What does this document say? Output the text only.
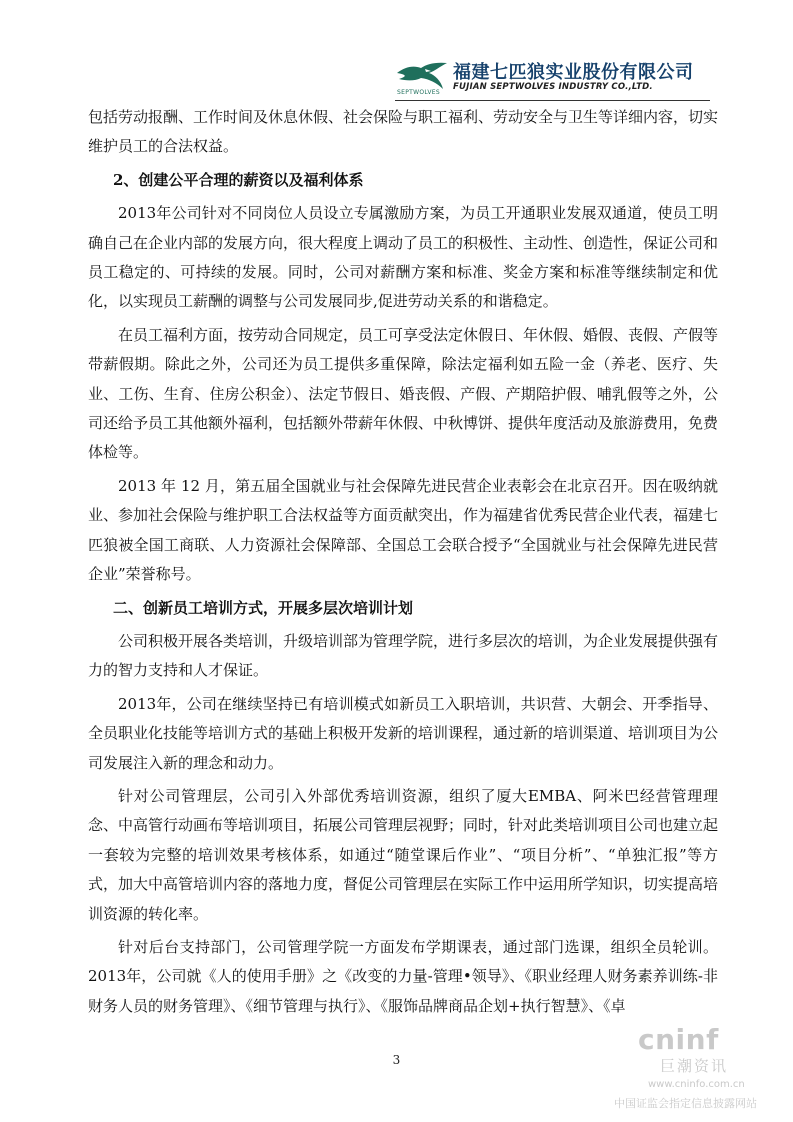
SEPTWOLVES
福建七匹狼实业股份有限公司
FUJIAN SEPTWOLVES INDUSTRY CO.,LTD.

包括劳动报酬、工作时间及休息休假、社会保险与职工福利、劳动安全与卫生等详细内容，切实维护员工的合法权益。

2、创建公平合理的薪资以及福利体系

2013年公司针对不同岗位人员设立专属激励方案，为员工开通职业发展双通道，使员工明确自己在企业内部的发展方向，很大程度上调动了员工的积极性、主动性、创造性，保证公司和员工稳定的、可持续的发展。同时，公司对薪酬方案和标准、奖金方案和标准等继续制定和优化，以实现员工薪酬的调整与公司发展同步,促进劳动关系的和谐稳定。

在员工福利方面，按劳动合同规定，员工可享受法定休假日、年休假、婚假、丧假、产假等带薪假期。除此之外，公司还为员工提供多重保障，除法定福利如五险一金（养老、医疗、失业、工伤、生育、住房公积金）、法定节假日、婚丧假、产假、产期陪护假、哺乳假等之外，公司还给予员工其他额外福利，包括额外带薪年休假、中秋博饼、提供年度活动及旅游费用，免费体检等。

2013 年 12 月，第五届全国就业与社会保障先进民营企业表彰会在北京召开。因在吸纳就业、参加社会保险与维护职工合法权益等方面贡献突出，作为福建省优秀民营企业代表，福建七匹狼被全国工商联、人力资源社会保障部、全国总工会联合授予“全国就业与社会保障先进民营企业”荣誉称号。

二、创新员工培训方式，开展多层次培训计划

公司积极开展各类培训，升级培训部为管理学院，进行多层次的培训，为企业发展提供强有力的智力支持和人才保证。

2013年，公司在继续坚持已有培训模式如新员工入职培训，共识营、大朝会、开季指导、全员职业化技能等培训方式的基础上积极开发新的培训课程，通过新的培训渠道、培训项目为公司发展注入新的理念和动力。

针对公司管理层，公司引入外部优秀培训资源，组织了厦大EMBA、阿米巴经营管理理念、中高管行动画布等培训项目，拓展公司管理层视野；同时，针对此类培训项目公司也建立起一套较为完整的培训效果考核体系，如通过“随堂课后作业”、“项目分析”、“单独汇报”等方式，加大中高管培训内容的落地力度，督促公司管理层在实际工作中运用所学知识，切实提高培训资源的转化率。

针对后台支持部门，公司管理学院一方面发布学期课表，通过部门选课，组织全员轮训。2013年，公司就《人的使用手册》之《改变的力量-管理•领导》、《职业经理人财务素养训练-非财务人员的财务管理》、《细节管理与执行》、《服饰品牌商品企划+执行智慧》、《卓

3
cninf
巨潮资讯
www.cninfo.com.cn
中国证监会指定信息披露网站
